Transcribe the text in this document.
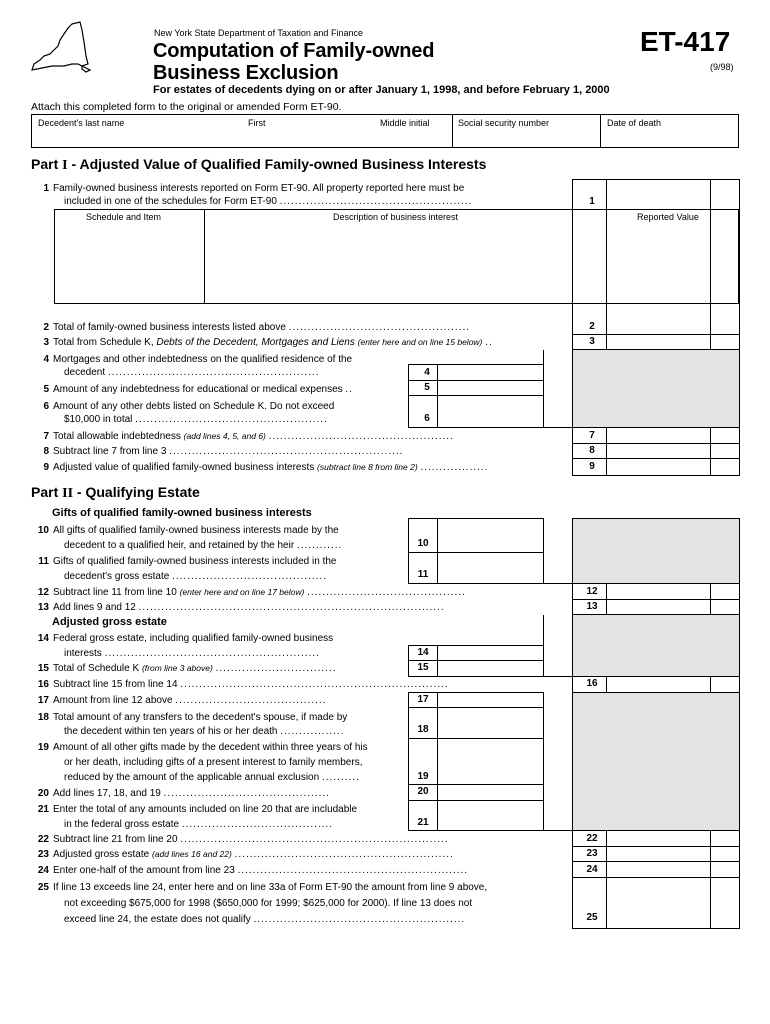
New York State Department of Taxation and Finance
Computation of Family-owned
Business Exclusion
ET-417
(9/98)
For estates of decedents dying on or after January 1, 1998, and before February 1, 2000
Attach this completed form to the original or amended Form ET-90.
Decedent's last name	First	Middle initial	Social security number	Date of death
Part I - Adjusted Value of Qualified Family-owned Business Interests
1 Family-owned business interests reported on Form ET-90. All property reported here must be
included in one of the schedules for Form ET-90 ...................................................	1
Schedule and Item	Description of business interest	Reported Value
2 Total of family-owned business interests listed above ................................................	2
3 Total from Schedule K, Debts of the Decedent, Mortgages and Liens (enter here and on line 15 below) ..	3
4 Mortgages and other indebtedness on the qualified residence of the
decedent ........................................................	4
5 Amount of any indebtedness for educational or medical expenses ..	5
6 Amount of any other debts listed on Schedule K. Do not exceed
$10,000 in total ...................................................	6
7 Total allowable indebtedness (add lines 4, 5, and 6) .................................................	7
8 Subtract line 7 from line 3 ..............................................................	8
9 Adjusted value of qualified family-owned business interests (subtract line 8 from line 2) ..................	9
Part II - Qualifying Estate
Gifts of qualified family-owned business interests
10 All gifts of qualified family-owned business interests made by the
decedent to a qualified heir, and retained by the heir ............	10
11 Gifts of qualified family-owned business interests included in the
decedent's gross estate .........................................	11
12 Subtract line 11 from line 10 (enter here and on line 17 below) ..........................................	12
13 Add lines 9 and 12 .................................................................................	13
Adjusted gross estate
14 Federal gross estate, including qualified family-owned business
interests .........................................................	14
15 Total of Schedule K (from line 3 above) ................................	15
16 Subtract line 15 from line 14 .......................................................................	16
17 Amount from line 12 above ........................................	17
18 Total amount of any transfers to the decedent's spouse, if made by
the decedent within ten years of his or her death .................	18
19 Amount of all other gifts made by the decedent within three years of his
or her death, including gifts of a present interest to family members,
reduced by the amount of the applicable annual exclusion ..........	19
20 Add lines 17, 18, and 19 ............................................	20
21 Enter the total of any amounts included on line 20 that are includable
in the federal gross estate ........................................	21
22 Subtract line 21 from line 20 .......................................................................	22
23 Adjusted gross estate (add lines 16 and 22) ..........................................................	23
24 Enter one-half of the amount from line 23 .............................................................	24
25 If line 13 exceeds line 24, enter here and on line 33a of Form ET-90 the amount from line 9 above,
not exceeding $675,000 for 1998 ($650,000 for 1999; $625,000 for 2000). If line 13 does not
exceed line 24, the estate does not qualify ........................................................	25
